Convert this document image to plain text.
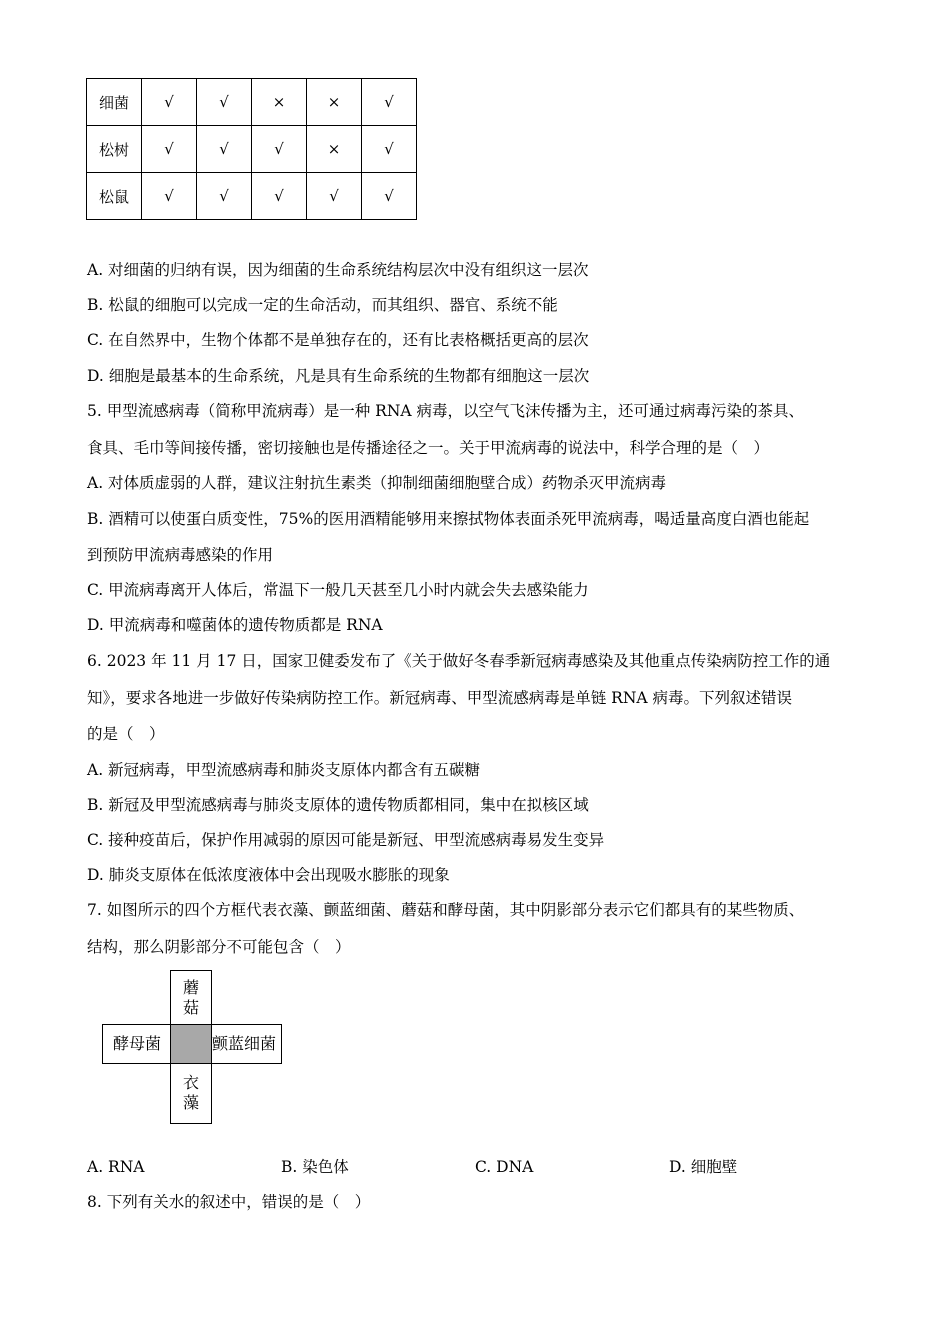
细菌	√	√	×	×	√
松树	√	√	√	×	√
松鼠	√	√	√	√	√
A. 对细菌的归纳有误，因为细菌的生命系统结构层次中没有组织这一层次
B. 松鼠的细胞可以完成一定的生命活动，而其组织、器官、系统不能
C. 在自然界中，生物个体都不是单独存在的，还有比表格概括更高的层次
D. 细胞是最基本的生命系统，凡是具有生命系统的生物都有细胞这一层次
5. 甲型流感病毒（简称甲流病毒）是一种 RNA 病毒，以空气飞沫传播为主，还可通过病毒污染的茶具、
食具、毛巾等间接传播，密切接触也是传播途径之一。关于甲流病毒的说法中，科学合理的是（　）
A. 对体质虚弱的人群，建议注射抗生素类（抑制细菌细胞壁合成）药物杀灭甲流病毒
B. 酒精可以使蛋白质变性，75%的医用酒精能够用来擦拭物体表面杀死甲流病毒，喝适量高度白酒也能起
到预防甲流病毒感染的作用
C. 甲流病毒离开人体后，常温下一般几天甚至几小时内就会失去感染能力
D. 甲流病毒和噬菌体的遗传物质都是 RNA
6. 2023 年 11 月 17 日，国家卫健委发布了《关于做好冬春季新冠病毒感染及其他重点传染病防控工作的通
知》，要求各地进一步做好传染病防控工作。新冠病毒、甲型流感病毒是单链 RNA 病毒。下列叙述错误
的是（　）
A. 新冠病毒，甲型流感病毒和肺炎支原体内都含有五碳糖
B. 新冠及甲型流感病毒与肺炎支原体的遗传物质都相同，集中在拟核区域
C. 接种疫苗后，保护作用减弱的原因可能是新冠、甲型流感病毒易发生变异
D. 肺炎支原体在低浓度液体中会出现吸水膨胀的现象
7. 如图所示的四个方框代表衣藻、颤蓝细菌、蘑菇和酵母菌，其中阴影部分表示它们都具有的某些物质、
结构，那么阴影部分不可能包含（　）
蘑
菇
衣
藻
酵母菌	颤蓝细菌
A. RNA	B. 染色体	C. DNA	D. 细胞壁
8. 下列有关水的叙述中，错误的是（　）
